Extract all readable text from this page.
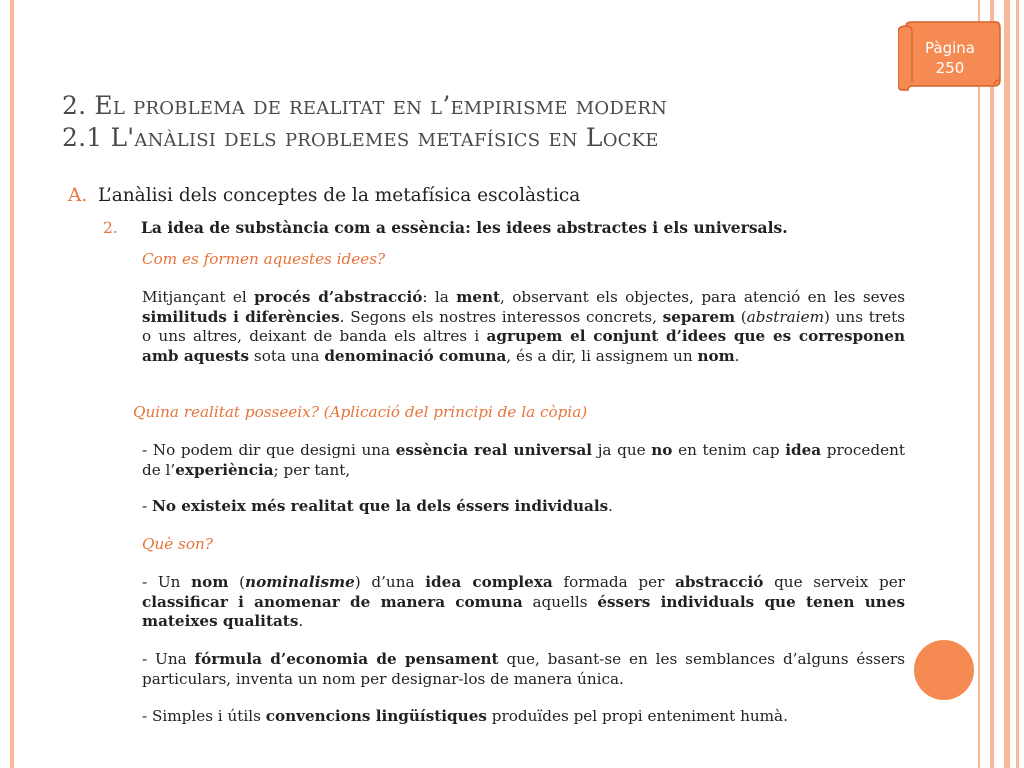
Pàgina
250
2. El problema de realitat en l’empirisme modern
2.1 L'anàlisi dels problemes metafísics en Locke
A. L’anàlisi dels conceptes de la metafísica escolàstica
2. La idea de substància com a essència: les idees abstractes i els universals.
Com es formen aquestes idees?
Mitjançant el procés d’abstracció: la ment, observant els objectes, para atenció en les seves similituds i diferències. Segons els nostres interessos concrets, separem (abstraiem) uns trets o uns altres, deixant de banda els altres i agrupem el conjunt d’idees que es corresponen amb aquests sota una denominació comuna, és a dir, li assignem un nom.
Quina realitat posseeix? (Aplicació del principi de la còpia)
- No podem dir que designi una essència real universal ja que no en tenim cap idea procedent de l’experiència; per tant,
- No existeix més realitat que la dels éssers individuals.
Què son?
- Un nom (nominalisme) d’una idea complexa formada per abstracció que serveix per classificar i anomenar de manera comuna aquells éssers individuals que tenen unes mateixes qualitats.
- Una fórmula d’economia de pensament que, basant-se en les semblances d’alguns éssers particulars, inventa un nom per designar-los de manera única.
- Simples i útils convencions lingüístiques produïdes pel propi enteniment humà.
